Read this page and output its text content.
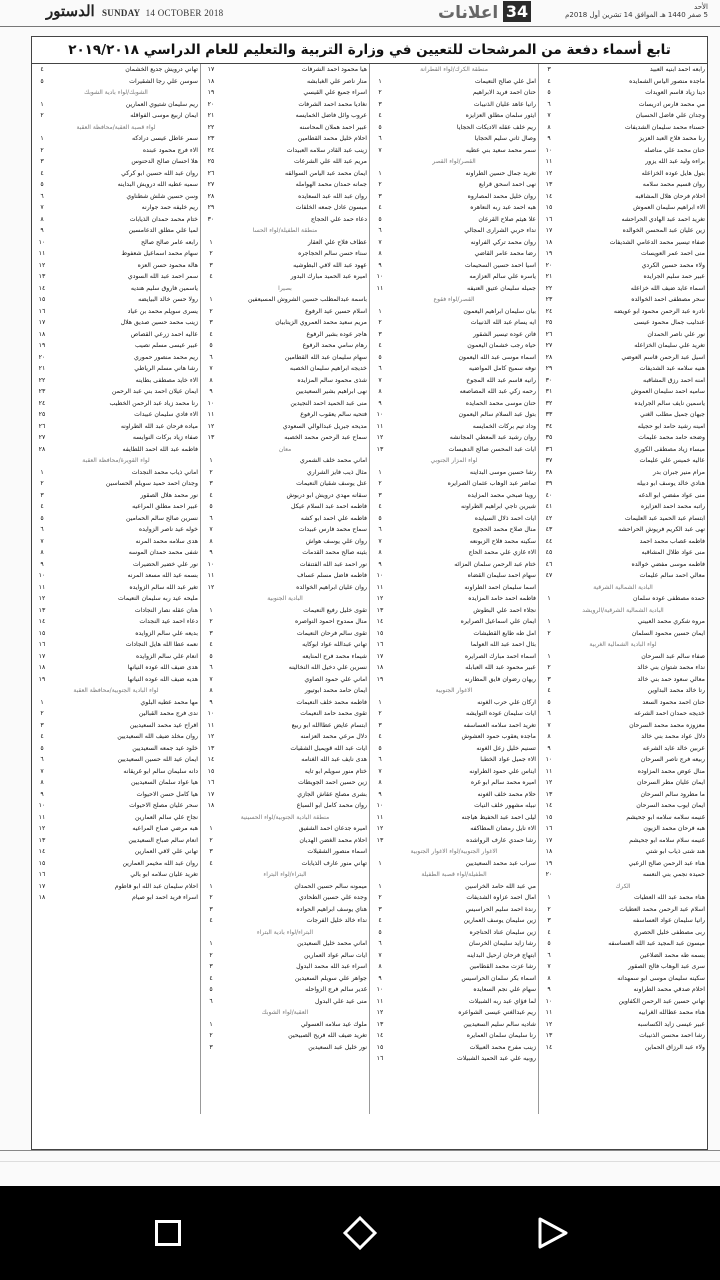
الدستور SUNDAY 14 OCTOBER 2018	اعلانات 34	الأحد
5 صفر 1440 هـ الموافق 14 تشرين أول 2018م
تابع أسماء دفعة من المرشحات للتعيين في وزارة التربية والتعليم للعام الدراسي ٢٠١٩/٢٠١٨
رابعه احمد ابنيه العبيد
٣
ماجده منصور الياس الشمايده
٤
دينا زياد قاسم العويدات
٥
مي محمد فارس ادريسات
٦
وجدان علي فاضل الحسبان
٧
حسناء محمد سليمان الشديفات
٨
رنا محمد فلاح العبد العزيز
٩
حنان محمد علي مناصله
١٠
براءه وليد عبد الله يزور
١١
بتول هايل عوده الخزاعله
١٢
روان قسيم محمد سلامه
١٣
احلام فرحان هلال المشاقبه
١٤
الاء ابراهيم سليمان العموش
١٥
تغريد احمد عبد الهادي الحراحشه
١٦
زين عليان عبد المحسن الخوالده
١٧
صفاء تيسير محمد الدعامي الشديفات
١٨
منى احمد عمر العويسات
١٩
ولاء محمد حسين الكردي
٢٠
عبير حمد سليم الجرايده
٢١
اسماء عايد ضيف الله خزاعله
٢٢
سحر مصطفى احمد الخوالده
٢٣
نادره عبد الرحمن محمود ابو عويضه
٢٤
عندليب جمال محمود عيسى
٢٥
نور علي ناصر الحمدان
٢٦
تغريد علي سليمان الخزاعله
٢٧
اسيل عبد الرحمن قاسم العوضي
٢٨
هنيه سلامه عبد الشديفات
٢٩
امنه احمد رزق المشاقبه
٣٠
ساميه احمد سليمان العموش
٣١
ياسمين نايف سالم الجرايده
٣٢
جيهان جميل مطلب الغني
٣٣
امينه رشيد حامد ابو حجيله
٣٤
وضحه حامد محمد عليمات
٣٥
ميساء زياد مصطفى الكوري
٣٦
عاليه خميس علي عليمات
٣٧
مرام منير جبران بدر
٣٨
هنادي خالد يوسف ابو دبيله
٣٩
منى عواد مفضي ابو الدغه
٤٠
راتبه محمد احمد العزايزه
٤١
ابتسام عبد الحميد عبد العليمات
٤٢
نهى عبد الكريم فريوش الحراحشه
٤٣
فاطمه غصاب محمد احمد
٤٤
منى عواد طلال المشاقبه
٤٥
فاطمه موسى مفضي خوالده
٤٦
معالي احمد سالم عليمات
٤٧
البادية الشمالية الشرقية
حمده مصطفى عوده سلمان
١
البادية الشمالية الشرقية/الرويشد
مروه شكري محمد العبيني
١
ايمان حسين محمود السلمان
٢
لواء البادية الشمالية الغربية
صفاء سالم عبد السرحان
١
نداء محمد شتوان بني خالد
٢
معالي سعود حمد بني خالد
٣
رنا خالد محمد البداوين
٤
حنان احمد محمود السعد
٥
خديجه حمدان احمد الشرعه
٦
معزوزه محمد محمد السرحان
٧
دلال عواد محمد بني خالد
٨
عربين خالد عايد الشرعه
٩
ربيعه فرج ناصر السرحان
١٠
منال عوض محمد المزاوده
١١
ايمان عليان مطر السرحان
١٢
ما مطرود سالم السرحان
١٣
ايمان ايوب محمد السرحان
١٤
غنيمه سلامه سلامه ابو جحيشم
١٥
هبه فرحان محمد الزيون
١٦
غنيمه سلام سلامه ابو جحيشم
١٧
هند شتى ذياب ابو شتي
١٨
هناء عبد الرحمن صالح الزعبي
١٩
حميده نجمي بني النعسه
٢٠
الكرك
هناء محمد عبد الله العطيات
١
اسلام عبد الرحمن محمد العطيات
٢
رانيا سليمان عواد العساسفه
٣
ربى مصطفى خليل الحصري
٤
ميسون عبد المجيد عبد الله العساسفه
٥
بسمه طه محمد الضلاعين
٦
سرى عبد الوهاب فالح الصقور
٧
سكينه سليمان موسى ابو سمهدانه
٨
احلام صدقي محمد الطراونه
٩
تهاني حسين عبد الرحمن الكفاوين
١٠
هناء محمد عطالله الغرابيه
١١
عبير عيسى زايد الكساسبه
١٢
رشا احمد محسن الذنيبات
١٣
ولاء عبد الرزاق الحماين
١٤
منطقة الكرك/لواء القطرانة
امل علي صالح النعيمات
١
حنان احمد فريد الابراهيم
٢
رانيا عاهد عليان الذنيبات
٣
ايثور سلمان مطلق العزايزه
٤
ريم خلف عقله الاديكات الحجايا
٥
وصال ثاني سليم الحجايا
٦
سمر محمد سعيد بني عطيه
٧
القصر/لواء القصر
تغريد جمال حسين الطراونه
١
نهى احمد اسحق قرابع
٢
روان خليل محمد المصاروه
٣
هبه احمد عبد ربه النعاهره
٤
علا هيثم صلاح القرعان
٥
نداء حربي الشرارى المجالي
٦
روان محمد تركي الفراونه
٧
رضا محمد عامر القاضي
٨
اسيا احمد حسين السحيمات
٩
ياسره علي سالم العزازمه
١٠
جميله سليمان عتيق العنيفه
١١
القصر/لواء فقوع
بيان سليمان ابراهيم اليعمون
١
ايه يسام عبد الله الذنيبات
٢
فاتن عوده تيسير الشقور
٣
حياه رجب خشمان اليعمون
٤
اسماء موسى عبد الله اليعمون
٥
نوفه سميح كامل المواضيه
٦
رانيه قاسم عبد الله المجوخ
٧
رحمه زكي عبد الله المصاصعه
٨
حنان موسى محمد الحمايده
٩
بتول عبد السلام سالم اليعمون
١٠
وداد تيم بركات الخمايسه
١١
روان رشيد عبد المعطي المجانشه
١٢
ايات عبد المحسن صالح الدهيسات
١٣
لواء المزار الجنوبي
رشا حسين موسى البداينه
١
تماضر عبد الوهاب عثمان الصرايره
٢
روينا صبحي محمد المزايده
٣
شيرين تاجي ابراهيم الطراونه
٤
ايات احمد ذلال السيايده
٥
منال صلاح محمد الحجوج
٦
سكينه محمد فلاح الزبونعه
٧
الاء غازي علي محمد الحاج
٨
ختام عبد الرحمن سلمان المزائه
٩
سهام احمد سليمان القضاه
١٠
اسما سليمان احمد الطراونه
١١
فاطمه احمد حامد المزايده
١٢
نجلاء احمد علي البطوش
١٣
ايمان علي اسماعيل الصرايره
١٤
امل طه طايع القطيشات
١٥
بثال احمد عبد الله العولما
١٦
اسماء احمد مبارك الصرايره
١٧
عبير محمود عبد الله العبابله
١٨
ريهان رضوان فايق المطارنه
١٩
الاغوار الجنوبية
اركان علي حرب الغونه
١
ايات سليمان عوده التوايشه
٢
تغريد احمد سلامه العساسفه
٣
ماجده يعقوب حمود العشوش
٤
تسنيم خليل زعل الغونه
٥
الاء جميل عواد الخطبا
٦
ايناس علي حمود الطراونه
٧
اميره محمد سالم ابو غره
٨
حلام محمد خلف الغونه
٩
نبيله مشهور خلف النيات
١٠
ليلى احمد عبد الحفيظ هياجنه
١١
الاء نايل رمضان المطاكفه
١٢
رشا حمدي عارف الرواشده
١٣
الاغوار الجنوبية/لواء الاغوار الجنوبية
سراب عبد محمد السعيديين
١
الطفيلة/لواء قصبة الطفيلة
مي عبد الله حامد الخراسين
١
امال احمد عزاوه الشديفات
٢
رندة احمد سليم الحراسيس
٣
زين سليمان يوسف العمارين
٤
زين سليمان عناد الحناجره
٥
رشا زايد سليمان الخرسان
٦
ابتهاج فرحان ارحيل البداينه
٧
رشا عزت محمد القطامين
٨
اسماء بكر سلمان الحراسيس
٩
سهام علي نجم السعايده
١٠
لما فؤاي عبد ربه الشبيلات
١١
ريم عبدالغني عيسى الشواعره
١٢
شاديه سالم سليم السعيديين
١٣
رنا سليمان سلمان العمايره
١٤
زينب مفرح محمد العبيلات
١٥
روبيه علي عبد الحميد الشبيلات
١٦
هيا محمود احمد الشرفات
١٧
منار ناصر علي الغبابشه
١٨
اسراء جميع علي القيسي
١٩
نغاديا محمد احمد الشرفات
٢٠
عروب وائل فاضل الخمايسه
٢١
عبير احمد هملان المحاسنه
٢٢
احلام خليل محمد القطامين
٢٣
زينب عبد القادر سلامه العبيدات
٢٤
مريم عبد الله علي الشرعات
٢٥
ايمان محمد عبد اليامن السوالقه
٢٦
جمانه حمدان محمد الهوامله
٢٧
روان عبد الله عبد السعايده
٢٨
ميسون عادل جمعه الخلفات
٢٩
دعاء حمد علي الحجاج
٣٠
منطقة الطفيلة/لواء الحسا
عطاف فلاح علي العقار
١
سناء حسن سالم الحجاجره
٢
عهود عبد الله لافي البطوشيه
٣
اميره عبد الحميد مبارك البدور
٤
بصيرا
باسمة عبدالمطلب حسين الشروش المسيعفين
١
اسلام حسين عيد الرفوع
٢
مريم سعيد محمد العمروي الزينابيان
٣
هاجر عوده بشير الرفوع
٤
رهام سامي محمد الرفوع
٥
سهام سليمان عبد الله القطامين
٦
خديجه ابراهيم سليمان الخصبه
٧
شذى محمود سالم المزايده
٨
نهى ابراهيم بشير السعيديين
٩
منى عبد الحميد احمد النجيدين
١٠
فتحيه سالم يعقوب الرفوع
١١
مديحه جبريل عبدالوالي السعودي
١٢
سماح عبد الرحمن محمد الخصبه
١٣
معان
اماني محمد خلف الشمري
١
مثال ذيب فايز الشراري
٢
عتل يوسف شقيان النعيمات
٣
سقانه مهدي درويش ابو دربوش
٤
فاطمه احمد عبد السلام عيكل
٥
فاطمه علي احمد ابو كشه
٦
سماح محمد فارس عبيدات
٧
روان علي يوسف هواش
٨
بثينه صالح محمد القدمات
٩
نور احمد عبد الله الفتنفات
١٠
فاطمه فاضل مسلم عساف
١١
روان عليان ابراهيم الخوالده
١٢
البادية الجنوبية
تقوى خليل رفيع النعيمات
١
منال ممدوح احمود النواصره
٢
تقوى سالم فرحان النعيمات
٣
تهاني عبدالله عواد ابوكايه
٤
شيماء محمد فرح المنايعه
٥
نسرين علي دخيل الله النخالينه
٦
اماني علي حمود الصاوي
٧
ايمان حامد محمد ابوتيور
٨
فاطمه محمد خلف النعيمات
٩
تقوى محمد حامد النعيمات
١٠
ابتسام عايض عطاالله ابو ربيع
١١
دلال مرعي محمد العزامنه
١٢
ايات عبد الله قويميل الشقيات
١٣
هدى نايف عبد الله الغنامه
١٤
ختام منور سويلم ابو تايه
١٥
زين حسين احمد الجويطات
١٦
بشرى مصلح عقاش الجازي
١٧
روان محمد كامل ابو السباع
١٨
منطقة البادية الجنوبية/لواء الحسينية
اميره جدعان احمد الشفيق
١
احلام محمد الغضن الهديان
٢
اسماء منصور الشقيلات
٣
تهاني منور عارف الذيابات
٤
البتراء/لواء البتراء
ميمونه سالم حسين الحمدان
١
وجده علي حسين الطحادي
٢
هناي يوسف ابراهيم الحواده
٣
نداء خالد خليل الفرجات
٤
البتراء/لواء بادية البتراء
اماني محمد خليل السعيدين
١
ايات سالم عواد العمارين
٢
اسراء عبد الله محمد البدول
٣
جواهر علي سويلم السعيدين
٤
غدير سالم فرج الزواحله
٥
منى عيد علي البدول
٦
العقبة/لواء الشوبك
ملوك عيد سلامه العسولي
١
تغريد ضيف الله فريح الصبيحين
٢
نور خليل عبد السعيدين
٣
تهاني درويش جديع الخشمان
٤
سوسن علي رجا الشقيرات
٥
الشوبك/لواء بادية الشوبك
ريم سليمان شتيوي العمارين
١
ايمان اربيع موسى الفواقله
٢
لواء قصبة العقبة/محافظة العقبة
سمر عاطل عيسى درادكه
١
الاء فرج محمود عبنده
٢
هلا احسان صالح الدحنوس
٣
روان عبد الله حسين ابو كركي
٤
سميه عطيه الله درويش البداينه
٥
وسن حسين شلش شطناوي
٦
ريم خليفه حمد جوارنه
٧
ختام محمد حمدان الذيابات
٨
لميا علي مطلق الدعامسين
٩
رابعه عامر صالح صالح
١٠
سهام محمد اسماعيل شعفوط
١١
هالة محمود حسن العزه
١٢
سمر احمد عبد الله السودي
١٣
ياسمين فاروق سليم هنديه
١٤
رولا حسن خالد البيايضه
١٥
يسرى سويلم محمد بن عياد
١٦
زينب محمد حسين صديق هلال
١٧
عاليه احمد زرعي القصاص
١٨
عبير عيسى مسلم نصيب
١٩
ريم محمد منصور حموري
٢٠
رشا هاني مسلم الرياطي
٢١
الاء خايد مصطفى بطاينه
٢٢
ايمان عيلان احمد بني عبد الرحمن
٢٣
رنا محمد زياد عبد الرحمن الخطيب
٢٤
الاء فادي سليمان عبيدات
٢٥
مياده فرحان عبد الله الطراونه
٢٦
صفاء زياد بركات النوايسه
٢٧
فاطمه عبد الله احمد اللطايفه
٢٨
لواء القويرة/محافظة العقبة
اماني ذياب محمد النجدات
١
وجدان احمد حميد سويلم الحساسين
٢
نور محمد هلال الصقور
٣
عبير احمد مطلق المراعيه
٤
نسرين صالح سالم الحمامين
٥
خوله عيد ناصر الزوايده
٦
هدى سلامه محمد المرنه
٧
شفى محمد حمدان الموسه
٨
نور علي خضير الحضيرات
٩
بسمه عيد الله مسعد المرنه
١٠
تغير عبد الله سالم الزوايده
١١
مليحه عيد ربه سليمان النعيمات
١٢
هنان عقله نصار النجادات
١٣
دعاء احمد عيد النجدات
١٤
بديعه علي سالم الزوايده
١٥
نعمه عطا الله هايل النجادات
١٦
انعام علي سالم الزوايده
١٧
هدى ضيف الله عوده النيانها
١٨
هديه ضيف الله عوده النيانها
١٩
لواء البادية الجنوبية/محافظة العقبة
مها محمد عطيه البلوي
١
ندى فرج محمد القبالين
٢
افراح عيد محمد السعيديين
٣
روان مخلد ضيف الله السعيديين
٤
خلود عيد جمعه السعيديين
٥
ايمان عيد الله حسين السعيديين
٦
دانه سليمان سالم ابو غريقانه
٧
هيا عواد سلمان السعيديين
٨
هيا كامل حسن الاحيوات
٩
سحر عليان مصلح الاحيوات
١٠
نجاح علي سالم العمارين
١١
هبه مرضي صباح المراعيه
١٢
انعام سالم صباح السعيديين
١٣
تهاني علي لافي العمارين
١٤
روان عبد الله مخيمر العمارين
١٥
تغريد عليان سلامه ابو بالي
١٦
احلام سليمان عبد الله ابو قاطوم
١٧
اسراء فريد احمد ابو صيام
١٨
